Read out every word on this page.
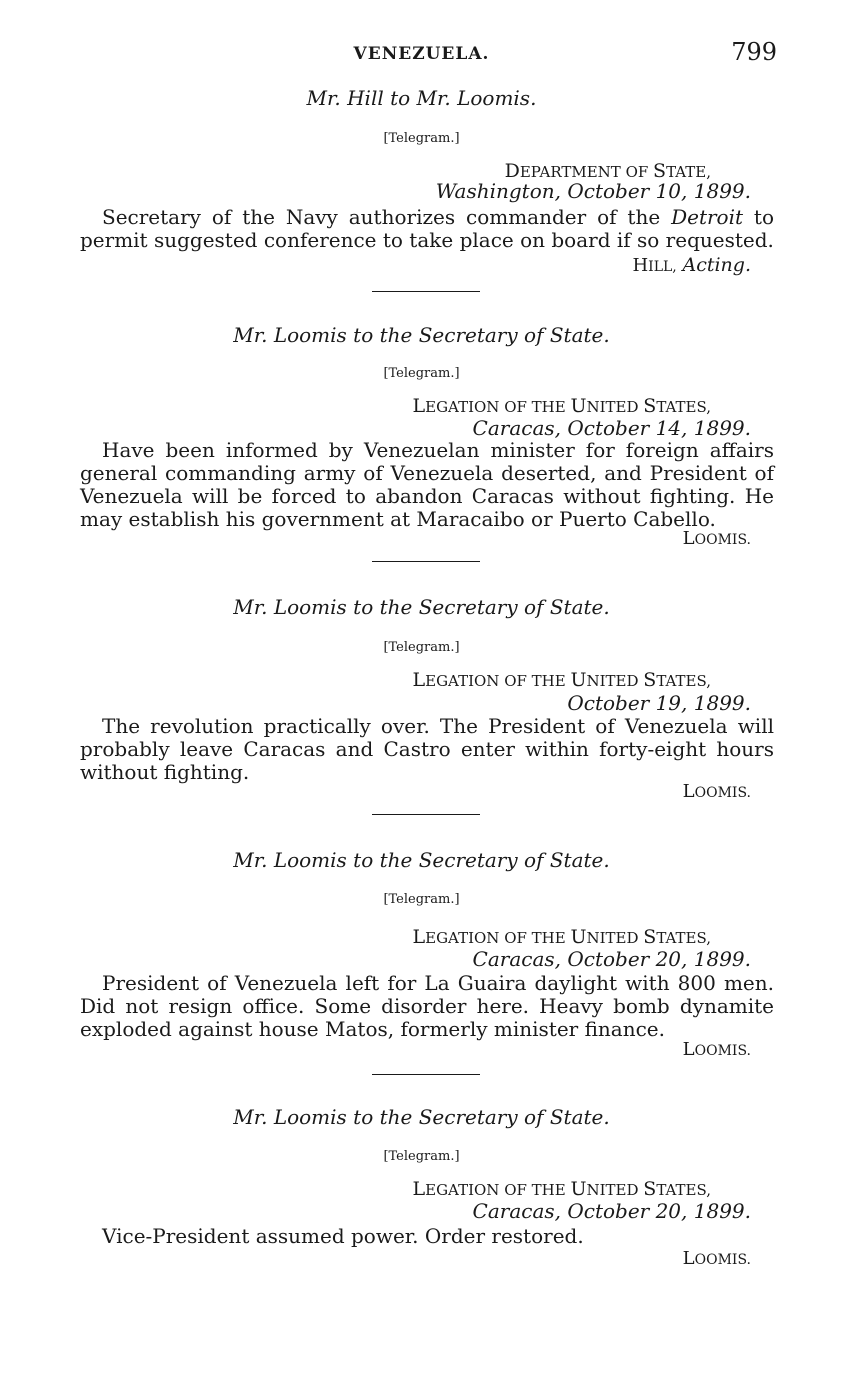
VENEZUELA.	799
Mr. Hill to Mr. Loomis.
[Telegram.]
DEPARTMENT OF STATE,
Washington, October 10, 1899.
Secretary of the Navy authorizes commander of the Detroit to permit suggested conference to take place on board if so requested.
HILL, Acting.
Mr. Loomis to the Secretary of State.
[Telegram.]
LEGATION OF THE UNITED STATES,
Caracas, October 14, 1899.
Have been informed by Venezuelan minister for foreign affairs general commanding army of Venezuela deserted, and President of Venezuela will be forced to abandon Caracas without fighting. He may establish his government at Maracaibo or Puerto Cabello.
LOOMIS.
Mr. Loomis to the Secretary of State.
[Telegram.]
LEGATION OF THE UNITED STATES,
October 19, 1899.
The revolution practically over. The President of Venezuela will probably leave Caracas and Castro enter within forty-eight hours without fighting.
LOOMIS.
Mr. Loomis to the Secretary of State.
[Telegram.]
LEGATION OF THE UNITED STATES,
Caracas, October 20, 1899.
President of Venezuela left for La Guaira daylight with 800 men. Did not resign office. Some disorder here. Heavy bomb dynamite exploded against house Matos, formerly minister finance.
LOOMIS.
Mr. Loomis to the Secretary of State.
[Telegram.]
LEGATION OF THE UNITED STATES,
Caracas, October 20, 1899.
Vice-President assumed power. Order restored.
LOOMIS.
